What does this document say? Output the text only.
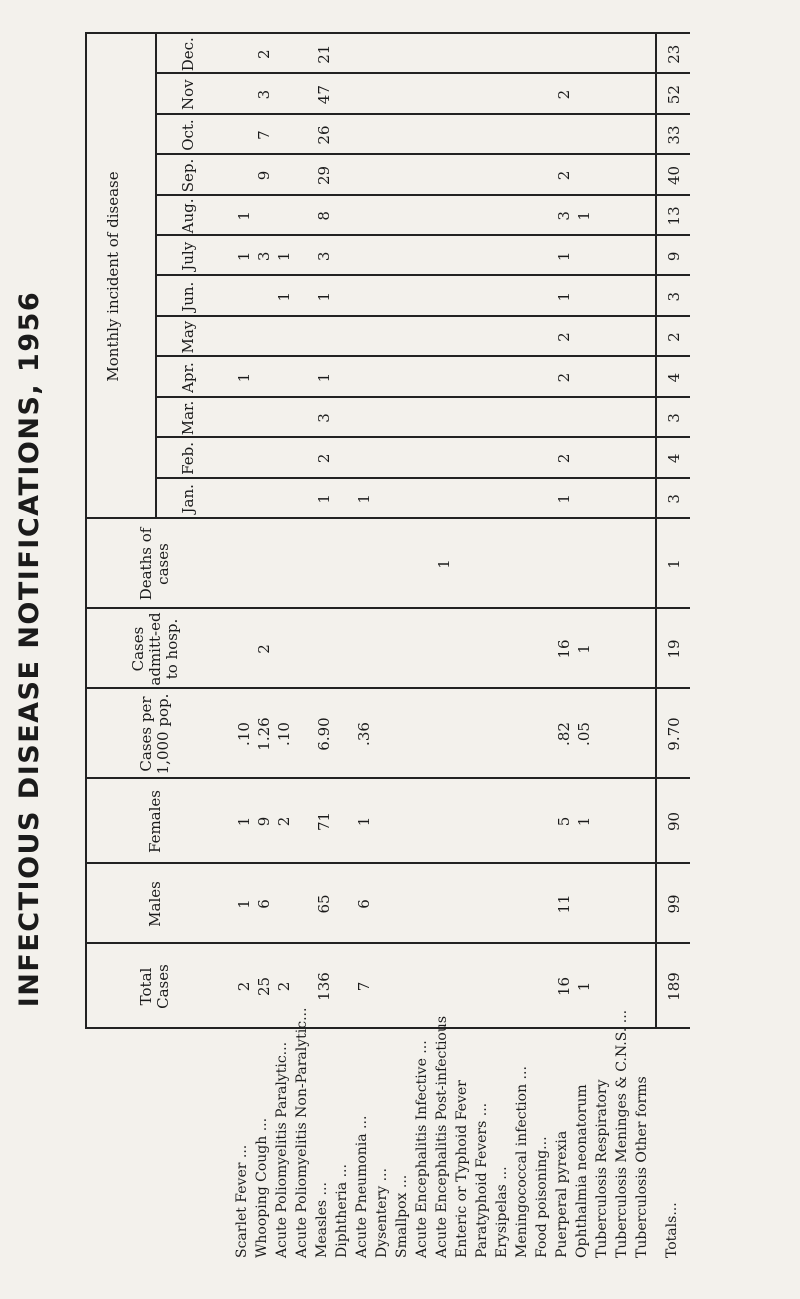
INFECTIOUS DISEASE NOTIFICATIONS, 1956	Total Cases
Males
Females
Cases per 1,000 pop.
Cases admitt-ed to hosp.
Deaths of cases
Monthly incident of disease
Jan.
Feb.
Mar.
Apr.
May
Jun.
July
Aug.
Sep.
Oct.
Nov
Dec.
Scarlet Fever ...
2
1
1
.10
1
1
1
Whooping Cough ...
25
6
9
1.26
2
3
9
7
3
2
Acute Poliomyelitis Paralytic...
2
2
.10
1
1
Acute Poliomyelitis Non-Paralytic... Measles ...
136
65
71
6.90
1
2
3
1
1
3
8
29
26
47
21
Diphtheria ... Acute Pneumonia ...
7
6
1
.36
1
Dysentery ... Smallpox ... Acute Encephalitis Infective ... Acute Encephalitis Post-infectious
1
Enteric or Typhoid Fever Paratyphoid Fevers ... Erysipelas ... Meningococcal infection ... Food poisoning... Puerperal pyrexia
16
11
5
.82
16
1
2
2
2
1
1
3
2
2
Ophthalmia neonatorum
1
1
.05
1
1
Tuberculosis Respiratory Tuberculosis Meninges & C.N.S. ... Tuberculosis Other forms Totals...
189
99
90
9.70
19
1
3
4
3
4
2
3
9
13
40
33
52
23
